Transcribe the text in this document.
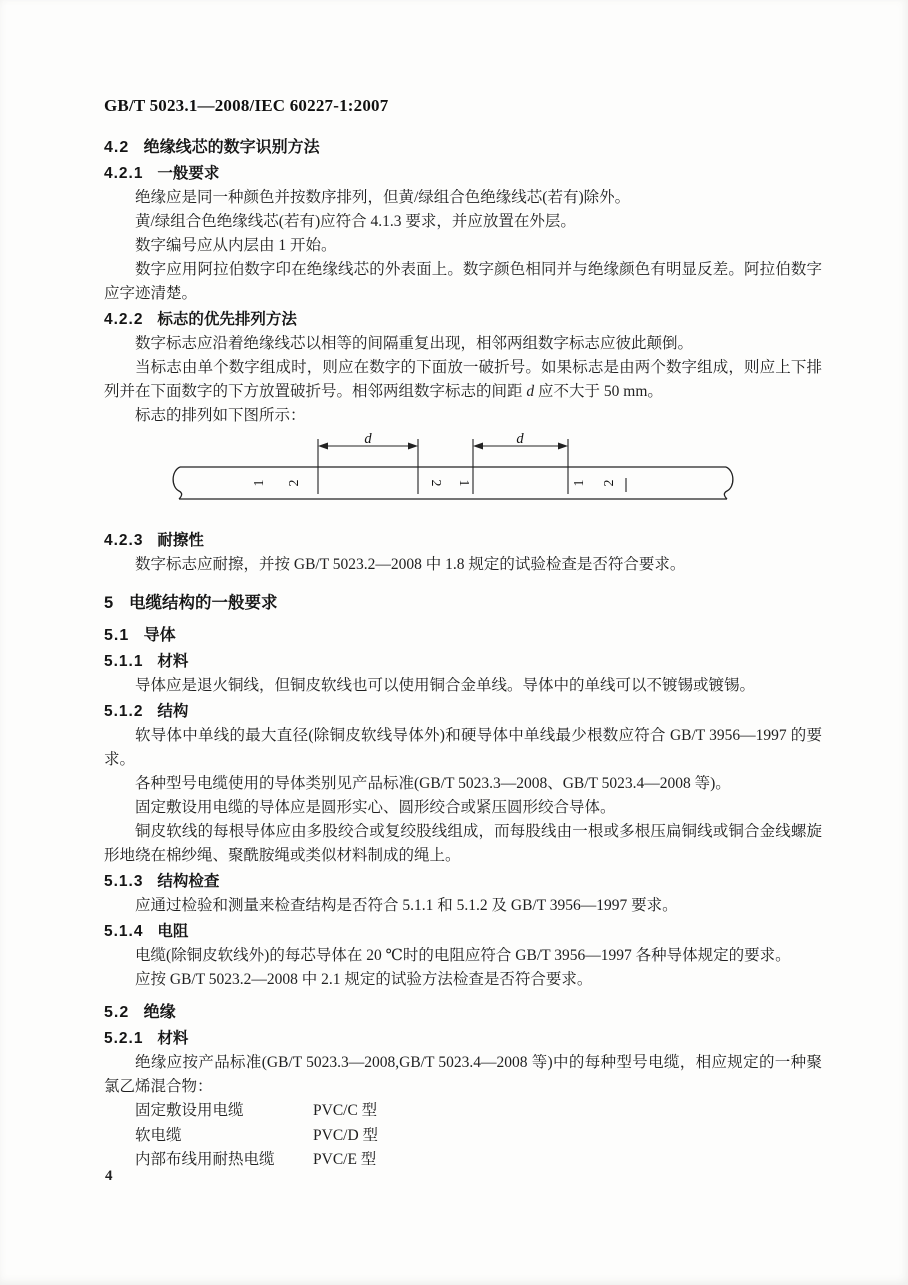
GB/T 5023.1—2008/IEC 60227-1:2007

4.2 绝缘线芯的数字识别方法
4.2.1 一般要求

绝缘应是同一种颜色并按数序排列，但黄/绿组合色绝缘线芯(若有)除外。

黄/绿组合色绝缘线芯(若有)应符合 4.1.3 要求，并应放置在外层。

数字编号应从内层由 1 开始。

数字应用阿拉伯数字印在绝缘线芯的外表面上。数字颜色相同并与绝缘颜色有明显反差。阿拉伯数字应字迹清楚。

4.2.2 标志的优先排列方法

数字标志应沿着绝缘线芯以相等的间隔重复出现，相邻两组数字标志应彼此颠倒。

当标志由单个数字组成时，则应在数字的下面放一破折号。如果标志是由两个数字组成，则应上下排列并在下面数字的下方放置破折号。相邻两组数字标志的间距 d 应不大于 50 mm。

标志的排列如下图所示：

d	d
1 2	2 1	1 2
4.2.3 耐擦性

数字标志应耐擦，并按 GB/T 5023.2—2008 中 1.8 规定的试验检查是否符合要求。

5 电缆结构的一般要求
5.1 导体
5.1.1 材料

导体应是退火铜线，但铜皮软线也可以使用铜合金单线。导体中的单线可以不镀锡或镀锡。

5.1.2 结构

软导体中单线的最大直径(除铜皮软线导体外)和硬导体中单线最少根数应符合 GB/T 3956—1997 的要求。

各种型号电缆使用的导体类别见产品标准(GB/T 5023.3—2008、GB/T 5023.4—2008 等)。

固定敷设用电缆的导体应是圆形实心、圆形绞合或紧压圆形绞合导体。

铜皮软线的每根导体应由多股绞合或复绞股线组成，而每股线由一根或多根压扁铜线或铜合金线螺旋形地绕在棉纱绳、聚酰胺绳或类似材料制成的绳上。

5.1.3 结构检查

应通过检验和测量来检查结构是否符合 5.1.1 和 5.1.2 及 GB/T 3956—1997 要求。

5.1.4 电阻

电缆(除铜皮软线外)的每芯导体在 20 ℃时的电阻应符合 GB/T 3956—1997 各种导体规定的要求。

应按 GB/T 5023.2—2008 中 2.1 规定的试验方法检查是否符合要求。

5.2 绝缘
5.2.1 材料

绝缘应按产品标准(GB/T 5023.3—2008,GB/T 5023.4—2008 等)中的每种型号电缆，相应规定的一种聚氯乙烯混合物：

固定敷设用电缆	PVC/C 型
软电缆	PVC/D 型
内部布线用耐热电缆	PVC/E 型
4
